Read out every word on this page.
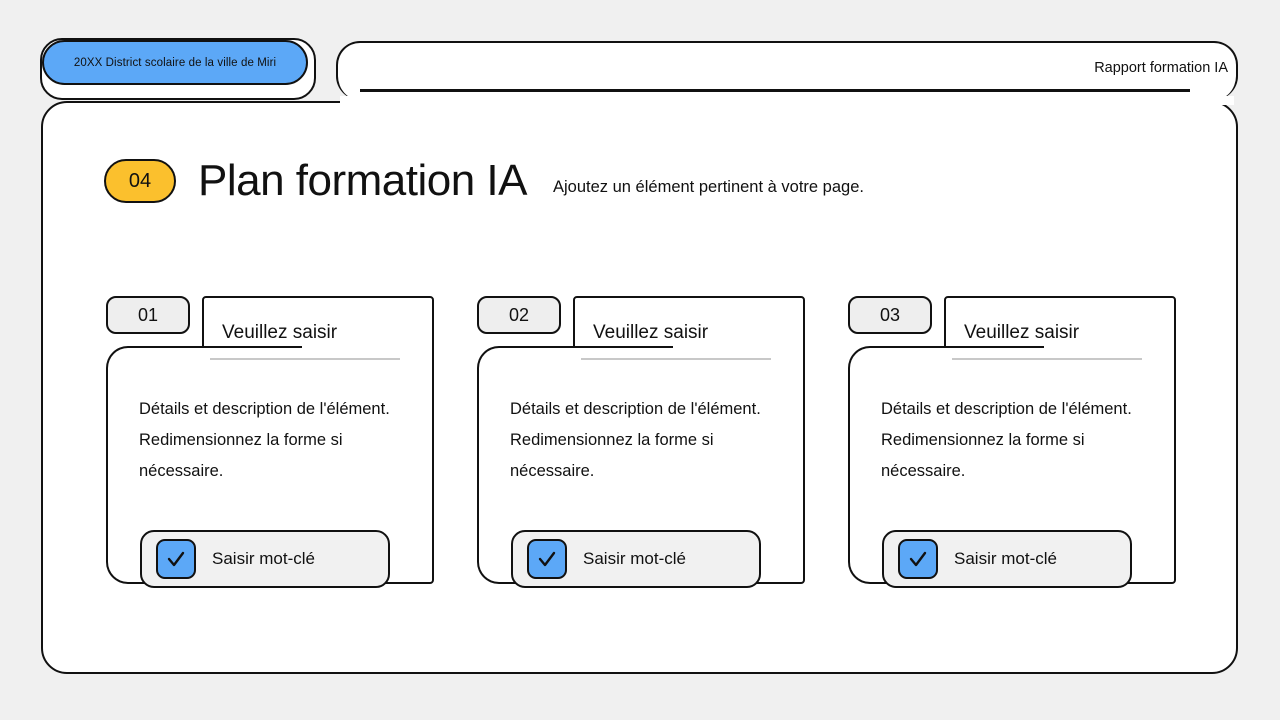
20XX District scolaire de la ville de Miri	Rapport formation IA
04	Plan formation IA Ajoutez un élément pertinent à votre page.
01
Veuillez saisir
Détails et description de l'élément. Redimensionnez la forme si nécessaire.
Saisir mot-clé
02
Veuillez saisir
Détails et description de l'élément. Redimensionnez la forme si nécessaire.
Saisir mot-clé
03
Veuillez saisir
Détails et description de l'élément. Redimensionnez la forme si nécessaire.
Saisir mot-clé
